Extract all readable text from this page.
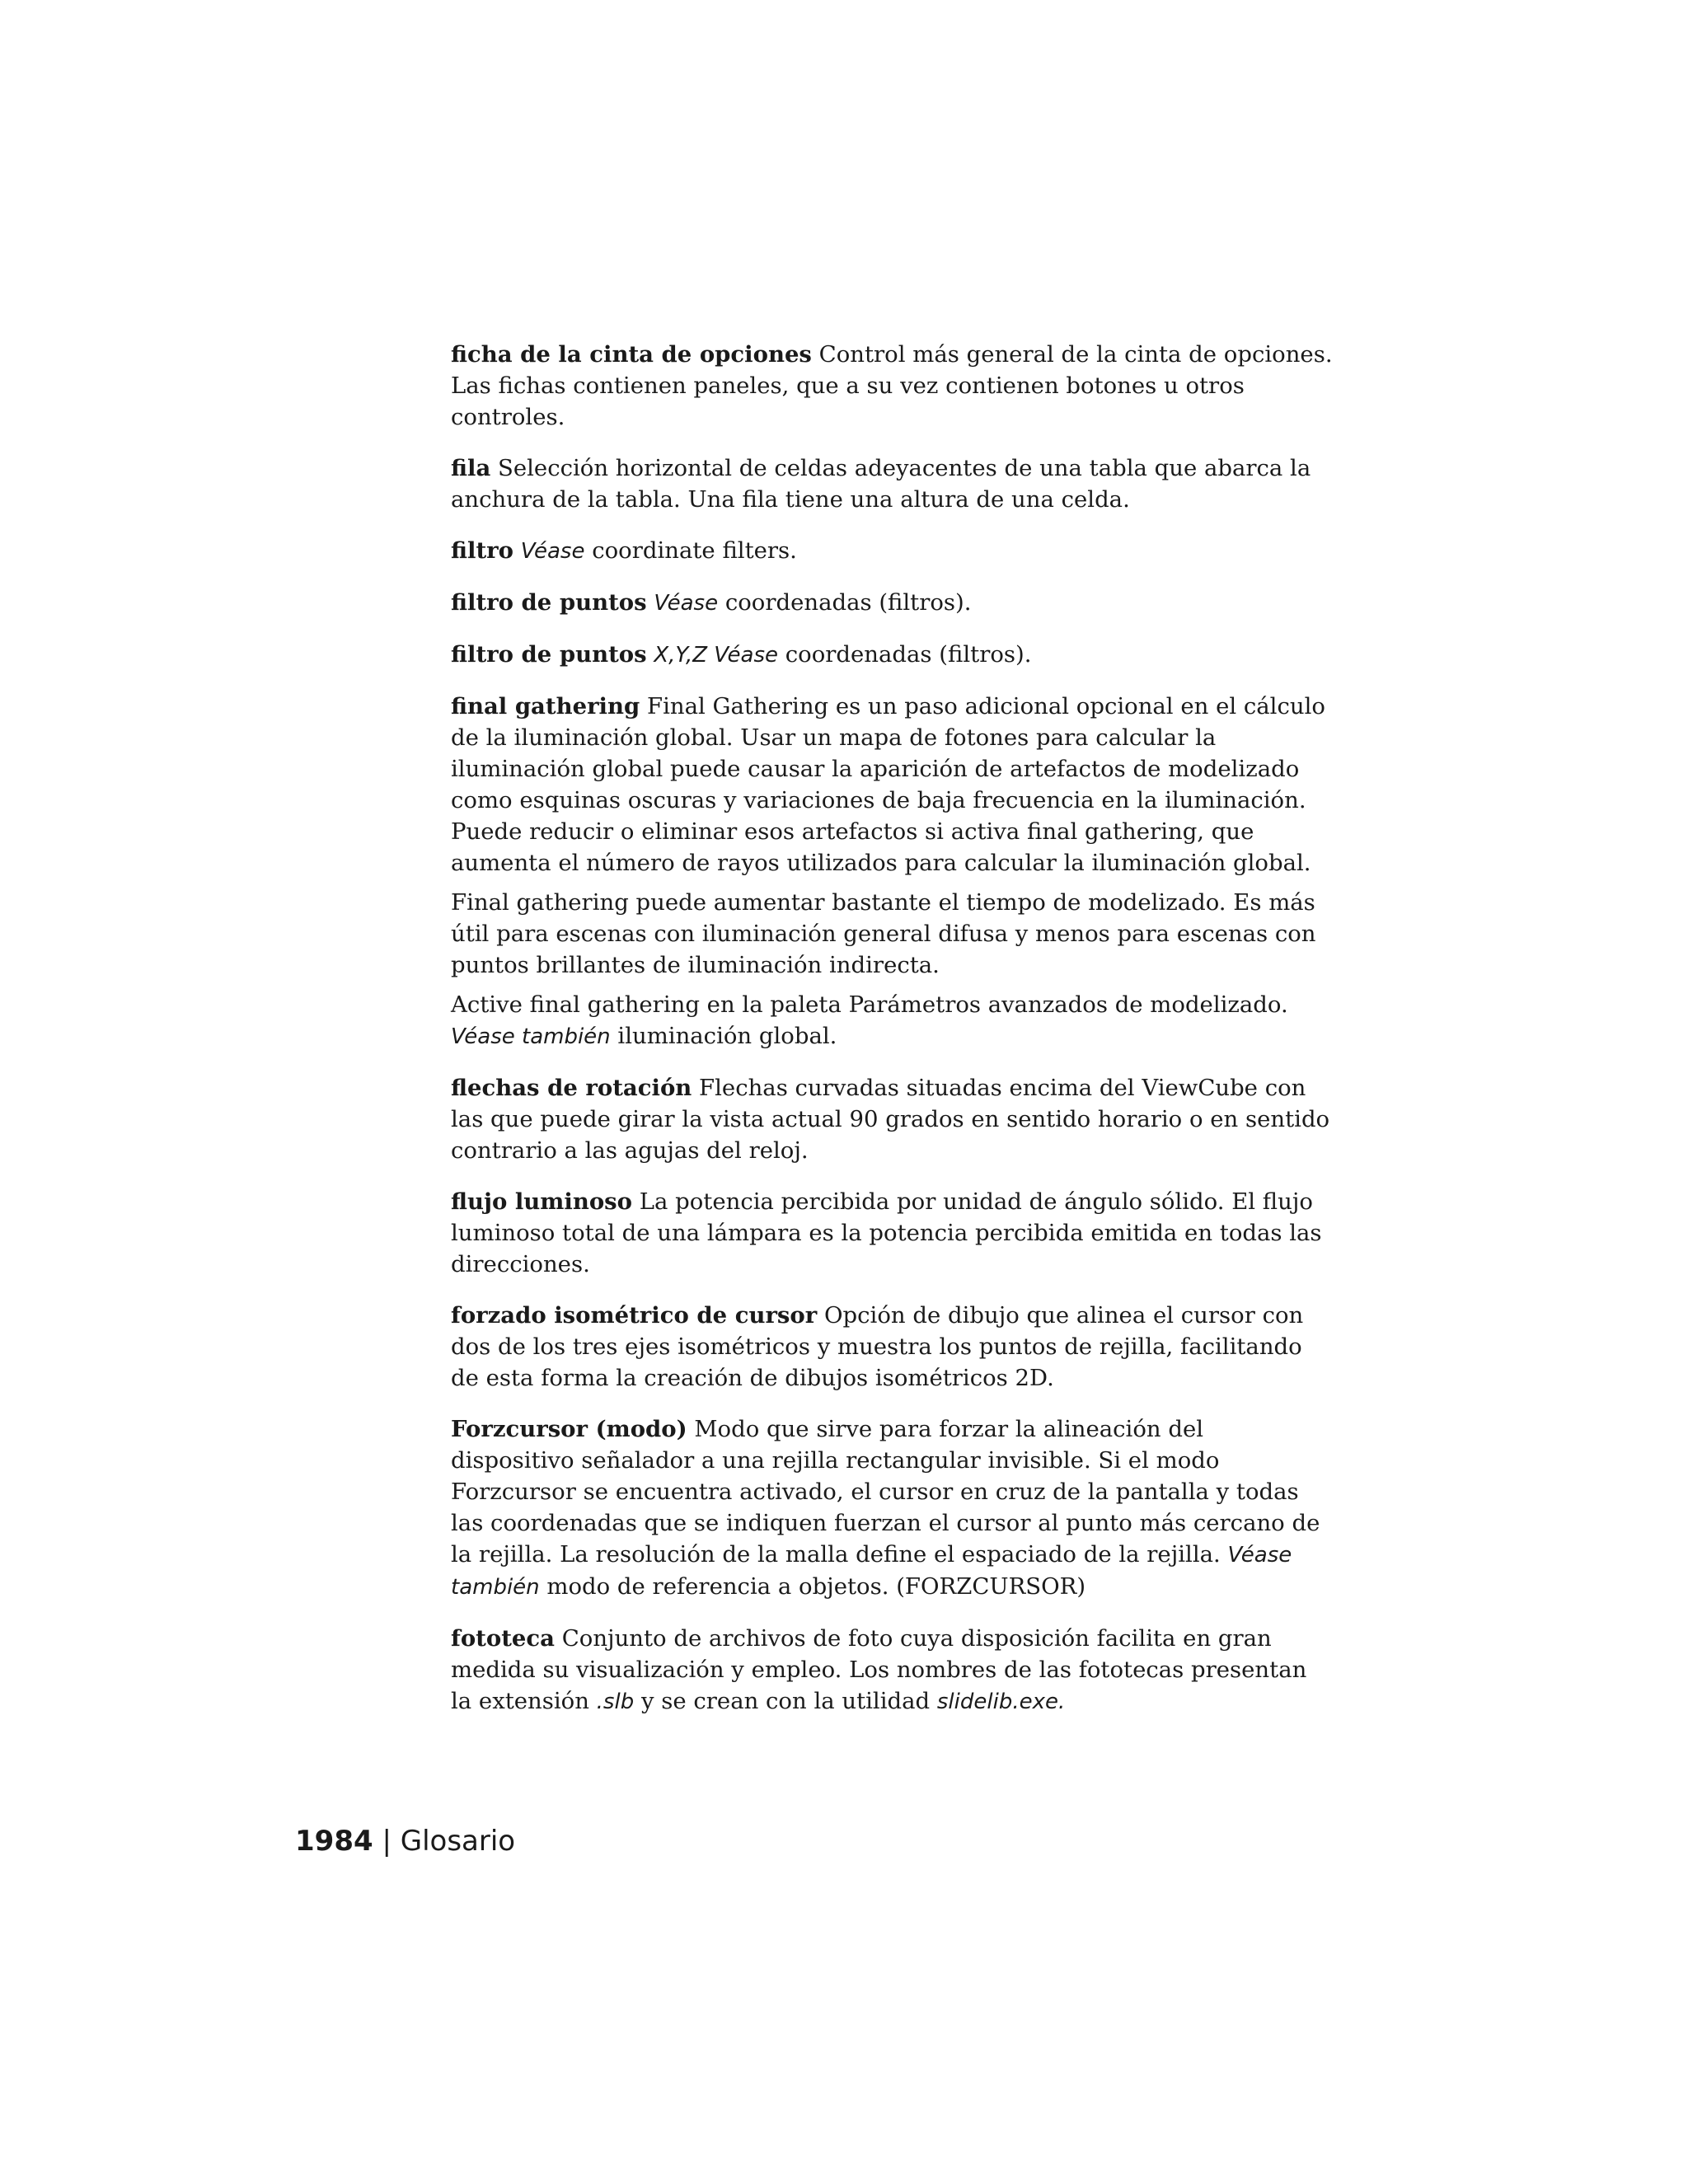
ficha de la cinta de opciones Control más general de la cinta de opciones. Las fichas contienen paneles, que a su vez contienen botones u otros controles.

fila Selección horizontal de celdas adeyacentes de una tabla que abarca la anchura de la tabla. Una fila tiene una altura de una celda.

filtro Véase coordinate filters.

filtro de puntos Véase coordenadas (filtros).

filtro de puntos X,Y,Z Véase coordenadas (filtros).

final gathering Final Gathering es un paso adicional opcional en el cálculo de la iluminación global. Usar un mapa de fotones para calcular la iluminación global puede causar la aparición de artefactos de modelizado como esquinas oscuras y variaciones de baja frecuencia en la iluminación. Puede reducir o eliminar esos artefactos si activa final gathering, que aumenta el número de rayos utilizados para calcular la iluminación global.

Final gathering puede aumentar bastante el tiempo de modelizado. Es más útil para escenas con iluminación general difusa y menos para escenas con puntos brillantes de iluminación indirecta.

Active final gathering en la paleta Parámetros avanzados de modelizado. Véase también iluminación global.

flechas de rotación Flechas curvadas situadas encima del ViewCube con las que puede girar la vista actual 90 grados en sentido horario o en sentido contrario a las agujas del reloj.

flujo luminoso La potencia percibida por unidad de ángulo sólido. El flujo luminoso total de una lámpara es la potencia percibida emitida en todas las direcciones.

forzado isométrico de cursor Opción de dibujo que alinea el cursor con dos de los tres ejes isométricos y muestra los puntos de rejilla, facilitando de esta forma la creación de dibujos isométricos 2D.

Forzcursor (modo) Modo que sirve para forzar la alineación del dispositivo señalador a una rejilla rectangular invisible. Si el modo Forzcursor se encuentra activado, el cursor en cruz de la pantalla y todas las coordenadas que se indiquen fuerzan el cursor al punto más cercano de la rejilla. La resolución de la malla define el espaciado de la rejilla. Véase también modo de referencia a objetos. (FORZCURSOR)

fototeca Conjunto de archivos de foto cuya disposición facilita en gran medida su visualización y empleo. Los nombres de las fototecas presentan la extensión .slb y se crean con la utilidad slidelib.exe.

1984 | Glosario
